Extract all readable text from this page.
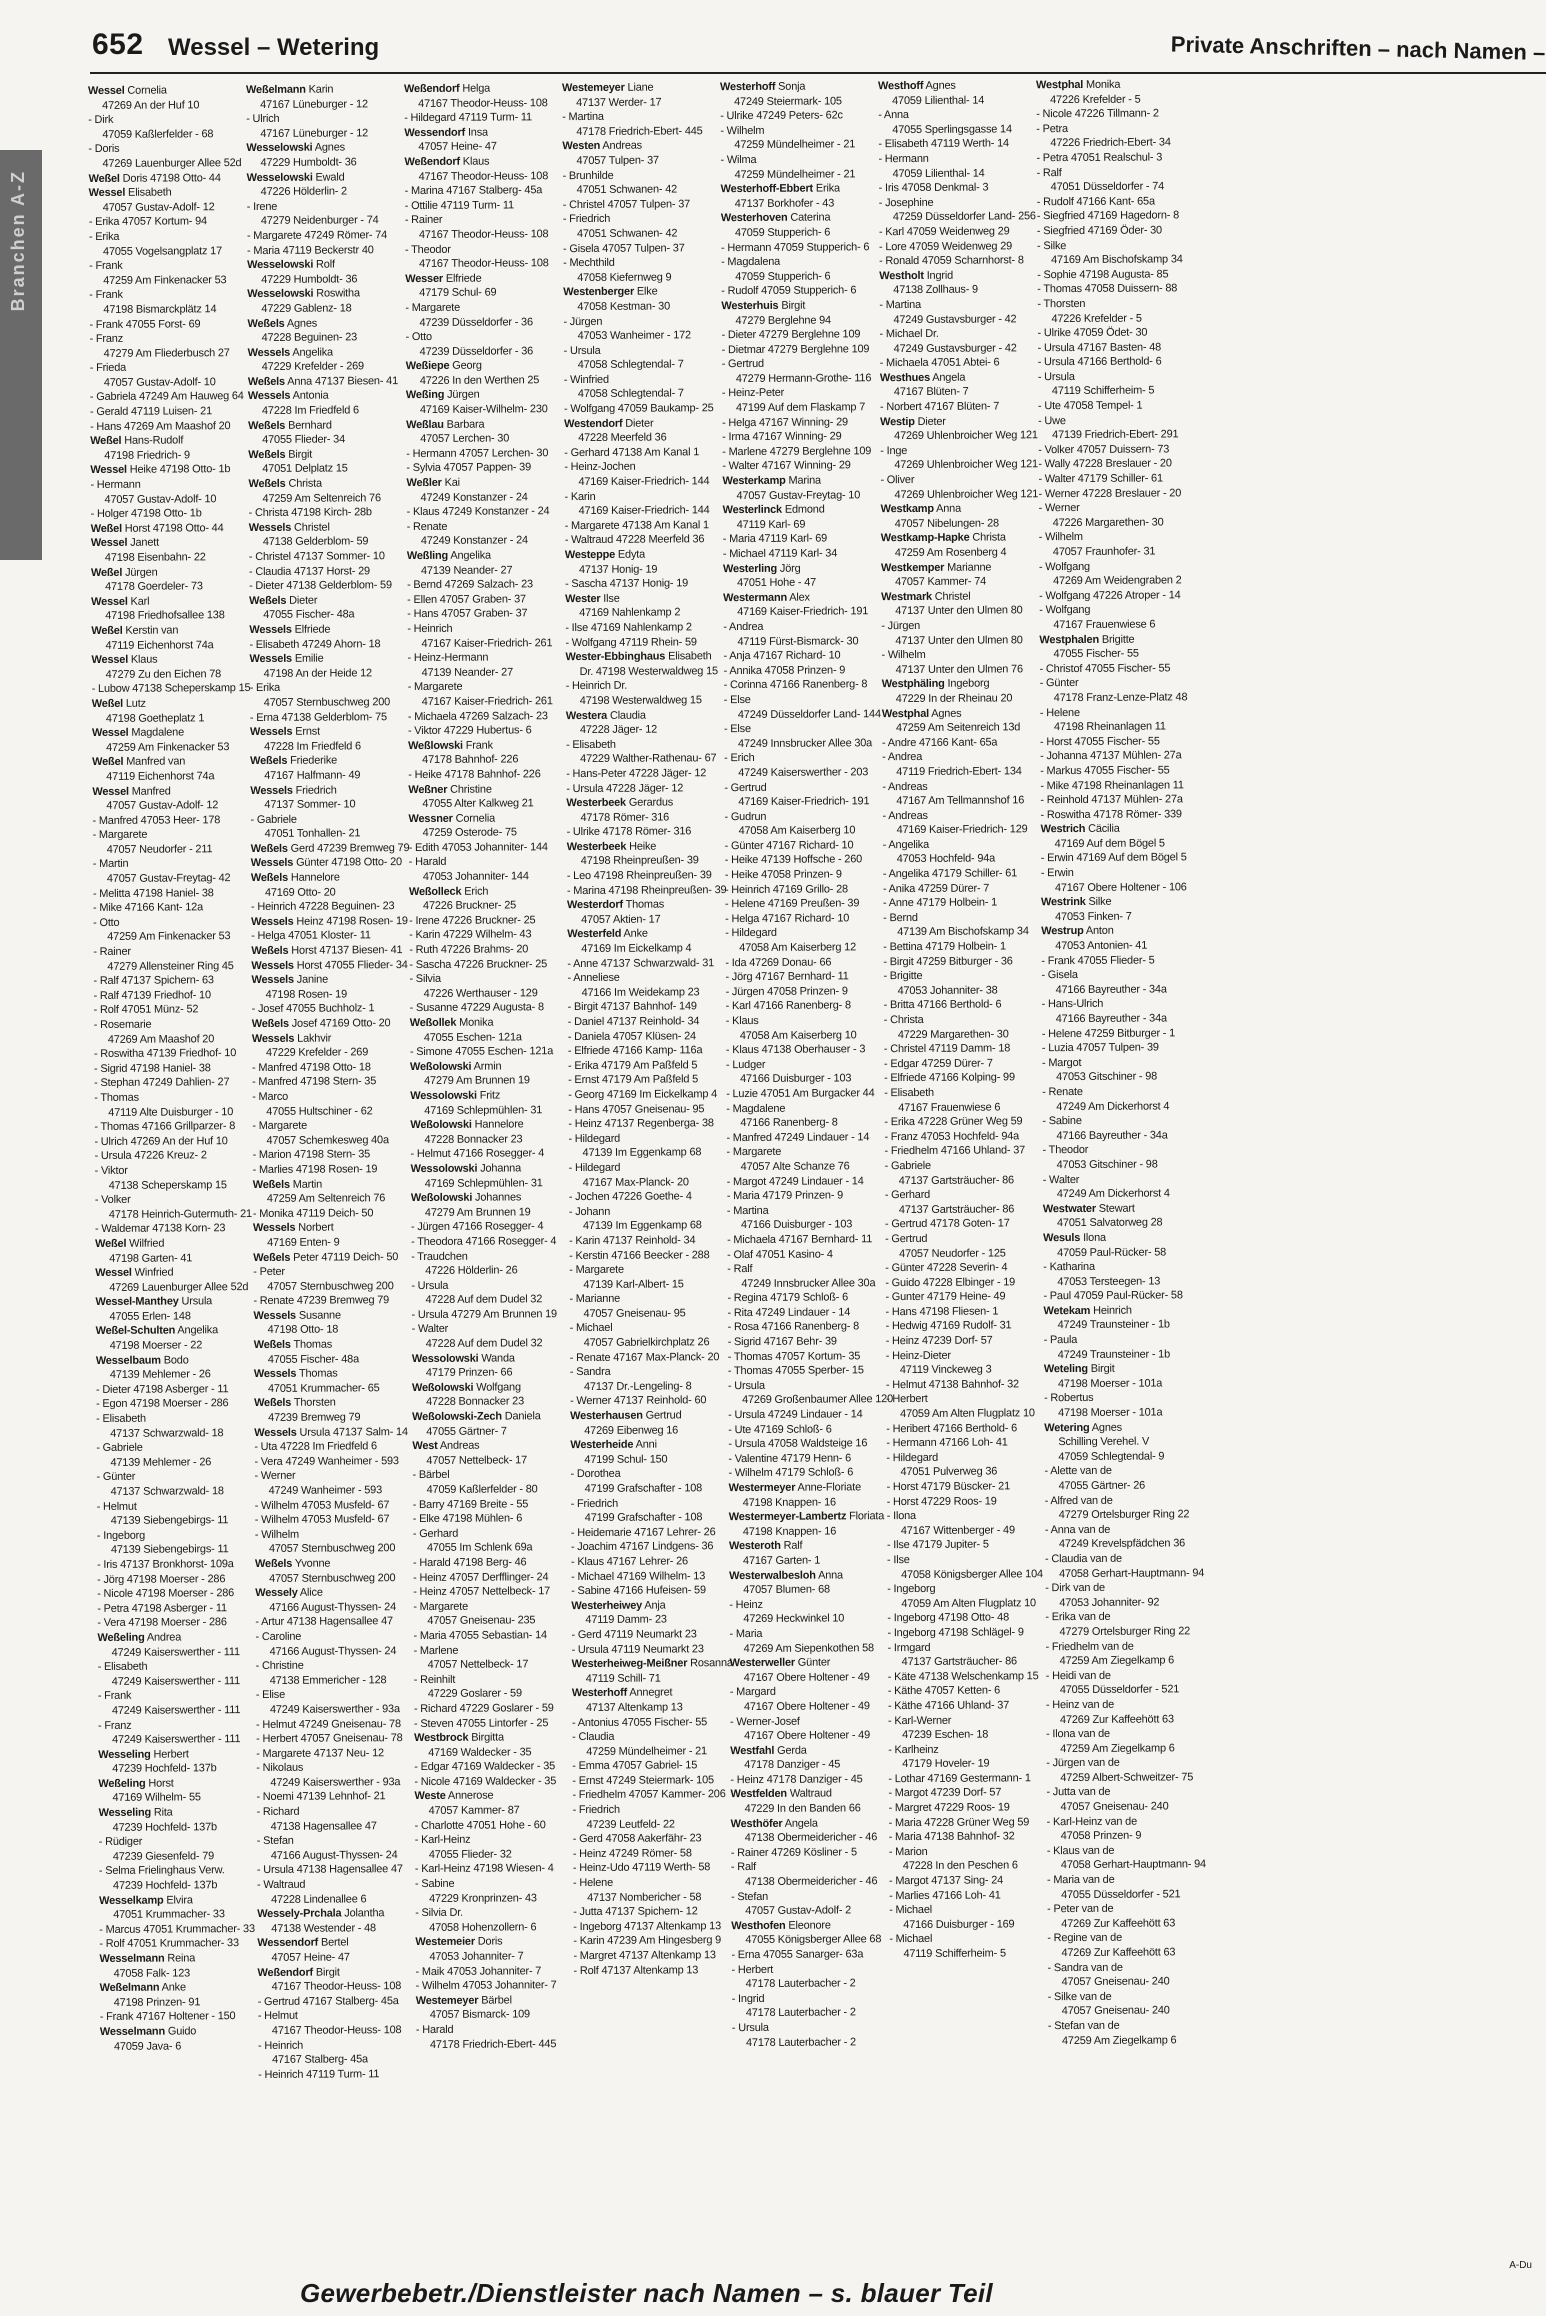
652 Wessel – Wetering	Private Anschriften – nach Namen –
Branchen A-Z
Wessel Cornelia
47269 An der Huf 10
- Dirk
47059 Kaßlerfelder - 68
- Doris
47269 Lauenburger Allee 52d
Weßel Doris 47198 Otto- 44
Wessel Elisabeth
47057 Gustav-Adolf- 12
- Erika 47057 Kortum- 94
- Erika
47055 Vogelsangplatz 17
- Frank
47259 Am Finkenacker 53
- Frank
47198 Bismarckplätz 14
- Frank 47055 Forst- 69
- Franz
47279 Am Fliederbusch 27
- Frieda
47057 Gustav-Adolf- 10
- Gabriela 47249 Am Hauweg 64
- Gerald 47119 Luisen- 21
- Hans 47269 Am Maashof 20
Weßel Hans-Rudolf
47198 Friedrich- 9
Wessel Heike 47198 Otto- 1b
- Hermann
47057 Gustav-Adolf- 10
- Holger 47198 Otto- 1b
Weßel Horst 47198 Otto- 44
Wessel Janett
47198 Eisenbahn- 22
Weßel Jürgen
47178 Goerdeler- 73
Wessel Karl
47198 Friedhofsallee 138
Weßel Kerstin van
47119 Eichenhorst 74a
Wessel Klaus
47279 Zu den Eichen 78
- Lubow 47138 Scheperskamp 15
Weßel Lutz
47198 Goetheplatz 1
Wessel Magdalene
47259 Am Finkenacker 53
Weßel Manfred van
47119 Eichenhorst 74a
Wessel Manfred
47057 Gustav-Adolf- 12
- Manfred 47053 Heer- 178
- Margarete
47057 Neudorfer - 211
- Martin
47057 Gustav-Freytag- 42
- Melitta 47198 Haniel- 38
- Mike 47166 Kant- 12a
- Otto
47259 Am Finkenacker 53
- Rainer
47279 Allensteiner Ring 45
- Ralf 47137 Spichern- 63
- Ralf 47139 Friedhof- 10
- Rolf 47051 Münz- 52
- Rosemarie
47269 Am Maashof 20
- Roswitha 47139 Friedhof- 10
- Sigrid 47198 Haniel- 38
- Stephan 47249 Dahlien- 27
- Thomas
47119 Alte Duisburger - 10
- Thomas 47166 Grillparzer- 8
- Ulrich 47269 An der Huf 10
- Ursula 47226 Kreuz- 2
- Viktor
47138 Scheperskamp 15
- Volker
47178 Heinrich-Gutermuth- 21
- Waldemar 47138 Korn- 23
Weßel Wilfried
47198 Garten- 41
Wessel Winfried
47269 Lauenburger Allee 52d
Wessel-Manthey Ursula
47055 Erlen- 148
Weßel-Schulten Angelika
47198 Moerser - 22
Wesselbaum Bodo
47139 Mehlemer - 26
- Dieter 47198 Asberger - 11
- Egon 47198 Moerser - 286
- Elisabeth
47137 Schwarzwald- 18
- Gabriele
47139 Mehlemer - 26
- Günter
47137 Schwarzwald- 18
- Helmut
47139 Siebengebirgs- 11
- Ingeborg
47139 Siebengebirgs- 11
- Iris 47137 Bronkhorst- 109a
- Jörg 47198 Moerser - 286
- Nicole 47198 Moerser - 286
- Petra 47198 Asberger - 11
- Vera 47198 Moerser - 286
Weßeling Andrea
47249 Kaiserswerther - 111
- Elisabeth
47249 Kaiserswerther - 111
- Frank
47249 Kaiserswerther - 111
- Franz
47249 Kaiserswerther - 111
Wesseling Herbert
47239 Hochfeld- 137b
Weßeling Horst
47169 Wilhelm- 55
Wesseling Rita
47239 Hochfeld- 137b
- Rüdiger
47239 Giesenfeld- 79
- Selma Frielinghaus Verw.
47239 Hochfeld- 137b
Wesselkamp Elvira
47051 Krummacher- 33
- Marcus 47051 Krummacher- 33
- Rolf 47051 Krummacher- 33
Wesselmann Reina
47058 Falk- 123
Weßelmann Anke
47198 Prinzen- 91
- Frank 47167 Holtener - 150
Wesselmann Guido
47059 Java- 6
Weßelmann Karin
47167 Lüneburger - 12
- Ulrich
47167 Lüneburger - 12
Wesselowski Agnes
47229 Humboldt- 36
Wesselowski Ewald
47226 Hölderlin- 2
- Irene
47279 Neidenburger - 74
- Margarete 47249 Römer- 74
- Maria 47119 Beckerstr 40
Wesselowski Rolf
47229 Humboldt- 36
Wesselowski Roswitha
47229 Gablenz- 18
Weßels Agnes
47228 Beguinen- 23
Wessels Angelika
47229 Krefelder - 269
Weßels Anna 47137 Biesen- 41
Wessels Antonia
47228 Im Friedfeld 6
Weßels Bernhard
47055 Flieder- 34
Weßels Birgit
47051 Delplatz 15
Weßels Christa
47259 Am Seltenreich 76
- Christa 47198 Kirch- 28b
Wessels Christel
47138 Gelderblom- 59
- Christel 47137 Sommer- 10
- Claudia 47137 Horst- 29
- Dieter 47138 Gelderblom- 59
Weßels Dieter
47055 Fischer- 48a
Wessels Elfriede
- Elisabeth 47249 Ahorn- 18
Wessels Emilie
47198 An der Heide 12
- Erika
47057 Sternbuschweg 200
- Erna 47138 Gelderblom- 75
Wessels Ernst
47228 Im Friedfeld 6
Weßels Friederike
47167 Halfmann- 49
Wessels Friedrich
47137 Sommer- 10
- Gabriele
47051 Tonhallen- 21
Weßels Gerd 47239 Bremweg 79
Wessels Günter 47198 Otto- 20
Weßels Hannelore
47169 Otto- 20
- Heinrich 47228 Beguinen- 23
Wessels Heinz 47198 Rosen- 19
- Helga 47051 Kloster- 11
Weßels Horst 47137 Biesen- 41
Wessels Horst 47055 Flieder- 34
Wessels Janine
47198 Rosen- 19
- Josef 47055 Buchholz- 1
Weßels Josef 47169 Otto- 20
Wessels Lakhvir
47229 Krefelder - 269
- Manfred 47198 Otto- 18
- Manfred 47198 Stern- 35
- Marco
47055 Hultschiner - 62
- Margarete
47057 Schemkesweg 40a
- Marion 47198 Stern- 35
- Marlies 47198 Rosen- 19
Weßels Martin
47259 Am Seltenreich 76
- Monika 47119 Deich- 50
Wessels Norbert
47169 Enten- 9
Weßels Peter 47119 Deich- 50
- Peter
47057 Sternbuschweg 200
- Renate 47239 Bremweg 79
Wessels Susanne
47198 Otto- 18
Weßels Thomas
47055 Fischer- 48a
Wessels Thomas
47051 Krummacher- 65
Weßels Thorsten
47239 Bremweg 79
Wessels Ursula 47137 Salm- 14
- Uta 47228 Im Friedfeld 6
- Vera 47249 Wanheimer - 593
- Werner
47249 Wanheimer - 593
- Wilhelm 47053 Musfeld- 67
- Wilhelm 47053 Musfeld- 67
- Wilhelm
47057 Sternbuschweg 200
Weßels Yvonne
47057 Sternbuschweg 200
Wessely Alice
47166 August-Thyssen- 24
- Artur 47138 Hagensallee 47
- Caroline
47166 August-Thyssen- 24
- Christine
47138 Emmericher - 128
- Elise
47249 Kaiserswerther - 93a
- Helmut 47249 Gneisenau- 78
- Herbert 47057 Gneisenau- 78
- Margarete 47137 Neu- 12
- Nikolaus
47249 Kaiserswerther - 93a
- Noemi 47139 Lehnhof- 21
- Richard
47138 Hagensallee 47
- Stefan
47166 August-Thyssen- 24
- Ursula 47138 Hagensallee 47
- Waltraud
47228 Lindenallee 6
Wessely-Prchala Jolantha
47138 Westender - 48
Wessendorf Bertel
47057 Heine- 47
Weßendorf Birgit
47167 Theodor-Heuss- 108
- Gertrud 47167 Stalberg- 45a
- Helmut
47167 Theodor-Heuss- 108
- Heinrich
47167 Stalberg- 45a
- Heinrich 47119 Turm- 11
Weßendorf Helga
47167 Theodor-Heuss- 108
- Hildegard 47119 Turm- 11
Wessendorf Insa
47057 Heine- 47
Weßendorf Klaus
47167 Theodor-Heuss- 108
- Marina 47167 Stalberg- 45a
- Ottilie 47119 Turm- 11
- Rainer
47167 Theodor-Heuss- 108
- Theodor
47167 Theodor-Heuss- 108
Wesser Elfriede
47179 Schul- 69
- Margarete
47239 Düsseldorfer - 36
- Otto
47239 Düsseldorfer - 36
Weßiepe Georg
47226 In den Werthen 25
Weßing Jürgen
47169 Kaiser-Wilhelm- 230
Weßlau Barbara
47057 Lerchen- 30
- Hermann 47057 Lerchen- 30
- Sylvia 47057 Pappen- 39
Weßler Kai
47249 Konstanzer - 24
- Klaus 47249 Konstanzer - 24
- Renate
47249 Konstanzer - 24
Weßling Angelika
47139 Neander- 27
- Bernd 47269 Salzach- 23
- Ellen 47057 Graben- 37
- Hans 47057 Graben- 37
- Heinrich
47167 Kaiser-Friedrich- 261
- Heinz-Hermann
47139 Neander- 27
- Margarete
47167 Kaiser-Friedrich- 261
- Michaela 47269 Salzach- 23
- Viktor 47229 Hubertus- 6
Weßlowski Frank
47178 Bahnhof- 226
- Heike 47178 Bahnhof- 226
Weßner Christine
47055 Alter Kalkweg 21
Wessner Cornelia
47259 Osterode- 75
- Edith 47053 Johanniter- 144
- Harald
47053 Johanniter- 144
Weßolleck Erich
47226 Bruckner- 25
- Irene 47226 Bruckner- 25
- Karin 47229 Wilhelm- 43
- Ruth 47226 Brahms- 20
- Sascha 47226 Bruckner- 25
- Silvia
47226 Werthauser - 129
- Susanne 47229 Augusta- 8
Weßollek Monika
47055 Eschen- 121a
- Simone 47055 Eschen- 121a
Weßolowski Armin
47279 Am Brunnen 19
Wessolowski Fritz
47169 Schlepmühlen- 31
Weßolowski Hannelore
47228 Bonnacker 23
- Helmut 47166 Roseggеr- 4
Wessolowski Johanna
47169 Schlepmühlen- 31
Weßolowski Johannes
47279 Am Brunnen 19
- Jürgen 47166 Roseggеr- 4
- Theodora 47166 Roseggеr- 4
- Traudchen
47226 Hölderlin- 26
- Ursula
47228 Auf dem Dudel 32
- Ursula 47279 Am Brunnen 19
- Walter
47228 Auf dem Dudel 32
Wessolowski Wanda
47179 Prinzen- 66
Weßolowski Wolfgang
47228 Bonnacker 23
Weßolowski-Zech Daniela
47055 Gärtner- 7
West Andreas
47057 Nettelbeck- 17
- Bärbel
47059 Kaßlerfelder - 80
- Barry 47169 Breite - 55
- Elke 47198 Mühlen- 6
- Gerhard
47055 Im Schlenk 69a
- Harald 47198 Berg- 46
- Heinz 47057 Derfflinger- 24
- Heinz 47057 Nettelbeck- 17
- Margarete
47057 Gneisenau- 235
- Maria 47055 Sebastian- 14
- Marlene
47057 Nettelbeck- 17
- Reinhilt
47229 Goslarer - 59
- Richard 47229 Goslarer - 59
- Steven 47055 Lintorfer - 25
Westbrock Birgitta
47169 Waldecker - 35
- Edgar 47169 Waldecker - 35
- Nicole 47169 Waldecker - 35
Weste Annerose
47057 Kammer- 87
- Charlotte 47051 Hohe - 60
- Karl-Heinz
47055 Flieder- 32
- Karl-Heinz 47198 Wiesen- 4
- Sabine
47229 Kronprinzen- 43
- Silvia Dr.
47058 Hohenzollern- 6
Westemeier Doris
47053 Johanniter- 7
- Maik 47053 Johanniter- 7
- Wilhelm 47053 Johanniter- 7
Westemeyer Bärbel
47057 Bismarck- 109
- Harald
47178 Friedrich-Ebert- 445
Westemeyer Liane
47137 Werder- 17
- Martina
47178 Friedrich-Ebert- 445
Westen Andreas
47057 Tulpen- 37
- Brunhilde
47051 Schwanen- 42
- Christel 47057 Tulpen- 37
- Friedrich
47051 Schwanen- 42
- Gisela 47057 Tulpen- 37
- Mechthild
47058 Kiefernweg 9
Westenberger Elke
47058 Kestman- 30
- Jürgen
47053 Wanheimer - 172
- Ursula
47058 Schlegtendal- 7
- Winfried
47058 Schlegtendal- 7
- Wolfgang 47059 Baukamp- 25
Westendorf Dieter
47228 Meerfeld 36
- Gerhard 47138 Am Kanal 1
- Heinz-Jochen
47169 Kaiser-Friedrich- 144
- Karin
47169 Kaiser-Friedrich- 144
- Margarete 47138 Am Kanal 1
- Waltraud 47228 Meerfeld 36
Westeppe Edyta
47137 Honig- 19
- Sascha 47137 Honig- 19
Wester Ilse
47169 Nahlenkamp 2
- Ilse 47169 Nahlenkamp 2
- Wolfgang 47119 Rhein- 59
Wester-Ebbinghaus Elisabeth
Dr. 47198 Westerwaldweg 15
- Heinrich Dr.
47198 Westerwaldweg 15
Westera Claudia
47228 Jäger- 12
- Elisabeth
47229 Walther-Rathenau- 67
- Hans-Peter 47228 Jäger- 12
- Ursula 47228 Jäger- 12
Westerbeek Gerardus
47178 Römer- 316
- Ulrike 47178 Römer- 316
Westerbeek Heike
47198 Rheinpreußen- 39
- Leo 47198 Rheinpreußen- 39
- Marina 47198 Rheinpreußen- 39
Westerdorf Thomas
47057 Aktien- 17
Westerfeld Anke
47169 Im Eickelkamp 4
- Anne 47137 Schwarzwald- 31
- Anneliese
47166 Im Weidekamp 23
- Birgit 47137 Bahnhof- 149
- Daniel 47137 Reinhold- 34
- Daniela 47057 Klüsen- 24
- Elfriede 47166 Kamp- 116a
- Erika 47179 Am Paßfeld 5
- Ernst 47179 Am Paßfeld 5
- Georg 47169 Im Eickelkamp 4
- Hans 47057 Gneisenau- 95
- Heinz 47137 Regenberga- 38
- Hildegard
47139 Im Eggenkamp 68
- Hildegard
47167 Max-Planck- 20
- Jochen 47226 Goethe- 4
- Johann
47139 Im Eggenkamp 68
- Karin 47137 Reinhold- 34
- Kerstin 47166 Beecker - 288
- Margarete
47139 Karl-Albert- 15
- Marianne
47057 Gneisenau- 95
- Michael
47057 Gabrielkirchplatz 26
- Renate 47167 Max-Planck- 20
- Sandra
47137 Dr.-Lengeling- 8
- Werner 47137 Reinhold- 60
Westerhausen Gertrud
47269 Eibenweg 16
Westerheide Anni
47199 Schul- 150
- Dorothea
47199 Grafschafter - 108
- Friedrich
47199 Grafschafter - 108
- Heidemarie 47167 Lehrer- 26
- Joachim 47167 Lindgens- 36
- Klaus 47167 Lehrer- 26
- Michael 47169 Wilhelm- 13
- Sabine 47166 Hufeisen- 59
Westerheiwey Anja
47119 Damm- 23
- Gerd 47119 Neumarkt 23
- Ursula 47119 Neumarkt 23
Westerheiweg-Meißner Rosanna
47119 Schill- 71
Westerhoff Annegret
47137 Altenkamp 13
- Antonius 47055 Fischer- 55
- Claudia
47259 Mündelheimer - 21
- Emma 47057 Gabriel- 15
- Ernst 47249 Steiermark- 105
- Friedhelm 47057 Kammer- 206
- Friedrich
47239 Leutfeld- 22
- Gerd 47058 Aakerfähr- 23
- Heinz 47249 Römer- 58
- Heinz-Udo 47119 Werth- 58
- Helene
47137 Nombericher - 58
- Jutta 47137 Spichern- 12
- Ingeborg 47137 Altenkamp 13
- Karin 47239 Am Hingesberg 9
- Margret 47137 Altenkamp 13
- Rolf 47137 Altenkamp 13
Westerhoff Sonja
47249 Steiermark- 105
- Ulrike 47249 Peters- 62c
- Wilhelm
47259 Mündelheimer - 21
- Wilma
47259 Mündelheimer - 21
Westerhoff-Ebbert Erika
47137 Borkhofer - 43
Westerhoven Caterina
47059 Stupperich- 6
- Hermann 47059 Stupperich- 6
- Magdalena
47059 Stupperich- 6
- Rudolf 47059 Stupperich- 6
Westerhuis Birgit
47279 Berglehne 94
- Dieter 47279 Berglehne 109
- Dietmar 47279 Berglehne 109
- Gertrud
47279 Hermann-Grothe- 116
- Heinz-Peter
47199 Auf dem Flaskamp 7
- Helga 47167 Winning- 29
- Irma 47167 Winning- 29
- Marlene 47279 Berglehne 109
- Walter 47167 Winning- 29
Westerkamp Marina
47057 Gustav-Freytag- 10
Westerlinck Edmond
47119 Karl- 69
- Maria 47119 Karl- 69
- Michael 47119 Karl- 34
Westerling Jörg
47051 Hohe - 47
Westermann Alex
47169 Kaiser-Friedrich- 191
- Andrea
47119 Fürst-Bismarck- 30
- Anja 47167 Richard- 10
- Annika 47058 Prinzen- 9
- Corinna 47166 Ranenberg- 8
- Else
47249 Düsseldorfer Land- 144
- Else
47249 Innsbrucker Allee 30a
- Erich
47249 Kaiserswerther - 203
- Gertrud
47169 Kaiser-Friedrich- 191
- Gudrun
47058 Am Kaiserberg 10
- Günter 47167 Richard- 10
- Heike 47139 Hoffsche - 260
- Heike 47058 Prinzen- 9
- Heinrich 47169 Grillo- 28
- Helene 47169 Preußen- 39
- Helga 47167 Richard- 10
- Hildegard
47058 Am Kaiserberg 12
- Ida 47269 Donau- 66
- Jörg 47167 Bernhard- 11
- Jürgen 47058 Prinzen- 9
- Karl 47166 Ranenberg- 8
- Klaus
47058 Am Kaiserberg 10
- Klaus 47138 Oberhauser - 3
- Ludger
47166 Duisburger - 103
- Luzie 47051 Am Burgacker 44
- Magdalene
47166 Ranenberg- 8
- Manfred 47249 Lindauer - 14
- Margarete
47057 Alte Schanze 76
- Margot 47249 Lindauer - 14
- Maria 47179 Prinzen- 9
- Martina
47166 Duisburger - 103
- Michaela 47167 Bernhard- 11
- Olaf 47051 Kasino- 4
- Ralf
47249 Innsbrucker Allee 30a
- Regina 47179 Schloß- 6
- Rita 47249 Lindauer - 14
- Rosa 47166 Ranenberg- 8
- Sigrid 47167 Behr- 39
- Thomas 47057 Kortum- 35
- Thomas 47055 Sperber- 15
- Ursula
47269 Großenbaumer Allee 120
- Ursula 47249 Lindauer - 14
- Ute 47169 Schloß- 6
- Ursula 47058 Waldsteige 16
- Valentine 47179 Henn- 6
- Wilhelm 47179 Schloß- 6
Westermeyer Anne-Floriate
47198 Knappen- 16
Westermeyer-Lambertz Floriata
47198 Knappen- 16
Westeroth Ralf
47167 Garten- 1
Westerwalbesloh Anna
47057 Blumen- 68
- Heinz
47269 Heckwinkel 10
- Maria
47269 Am Siepenkothen 58
Westerweller Günter
47167 Obere Holtener - 49
- Margard
47167 Obere Holtener - 49
- Werner-Josef
47167 Obere Holtener - 49
Westfahl Gerda
47178 Danziger - 45
- Heinz 47178 Danziger - 45
Westfelden Waltraud
47229 In den Banden 66
Westhöfer Angela
47138 Obermeidericher - 46
- Rainer 47269 Kösliner - 5
- Ralf
47138 Obermeidericher - 46
- Stefan
47057 Gustav-Adolf- 2
Westhofen Eleonore
47055 Königsberger Allee 68
- Erna 47055 Sanarger- 63a
- Herbert
47178 Lauterbacher - 2
- Ingrid
47178 Lauterbacher - 2
- Ursula
47178 Lauterbacher - 2
Westhoff Agnes
47059 Lilienthal- 14
- Anna
47055 Sperlingsgasse 14
- Elisabeth 47119 Werth- 14
- Hermann
47059 Lilienthal- 14
- Iris 47058 Denkmal- 3
- Josephine
47259 Düsseldorfer Land- 256
- Karl 47059 Weidenweg 29
- Lore 47059 Weidenweg 29
- Ronald 47059 Scharnhorst- 8
Westholt Ingrid
47138 Zollhaus- 9
- Martina
47249 Gustavsburger - 42
- Michael Dr.
47249 Gustavsburger - 42
- Michaela 47051 Abtei- 6
Westhues Angela
47167 Blüten- 7
- Norbert 47167 Blüten- 7
Westip Dieter
47269 Uhlenbroicher Weg 121
- Inge
47269 Uhlenbroicher Weg 121
- Oliver
47269 Uhlenbroicher Weg 121
Westkamp Anna
47057 Nibelungen- 28
Westkamp-Hapke Christa
47259 Am Rosenberg 4
Westkemper Marianne
47057 Kammer- 74
Westmark Christel
47137 Unter den Ulmen 80
- Jürgen
47137 Unter den Ulmen 80
- Wilhelm
47137 Unter den Ulmen 76
Westphäling Ingeborg
47229 In der Rheinau 20
Westphal Agnes
47259 Am Seitenreich 13d
- Andre 47166 Kant- 65a
- Andrea
47119 Friedrich-Ebert- 134
- Andreas
47167 Am Tellmannshof 16
- Andreas
47169 Kaiser-Friedrich- 129
- Angelika
47053 Hochfeld- 94a
- Angelika 47179 Schiller- 61
- Anika 47259 Dürer- 7
- Anne 47179 Holbein- 1
- Bernd
47139 Am Bischofskamp 34
- Bettina 47179 Holbein- 1
- Birgit 47259 Bitburger - 36
- Brigitte
47053 Johanniter- 38
- Britta 47166 Berthold- 6
- Christa
47229 Margarethen- 30
- Christel 47119 Damm- 18
- Edgar 47259 Dürer- 7
- Elfriede 47166 Kolping- 99
- Elisabeth
47167 Frauenwiese 6
- Erika 47228 Grüner Weg 59
- Franz 47053 Hochfeld- 94a
- Friedhelm 47166 Uhland- 37
- Gabriele
47137 Gartsträucher- 86
- Gerhard
47137 Gartsträucher- 86
- Gertrud 47178 Goten- 17
- Gertrud
47057 Neudorfer - 125
- Günter 47228 Severin- 4
- Guido 47228 Elbinger - 19
- Gunter 47179 Heine- 49
- Hans 47198 Fliesen- 1
- Hedwig 47169 Rudolf- 31
- Heinz 47239 Dorf- 57
- Heinz-Dieter
47119 Vinckeweg 3
- Helmut 47138 Bahnhof- 32
- Herbert
47059 Am Alten Flugplatz 10
- Heribert 47166 Berthold- 6
- Hermann 47166 Loh- 41
- Hildegard
47051 Pulverweg 36
- Horst 47179 Büscker- 21
- Horst 47229 Roos- 19
- Ilona
47167 Wittenberger - 49
- Ilse 47179 Jupiter- 5
- Ilse
47058 Königsberger Allee 104
- Ingeborg
47059 Am Alten Flugplatz 10
- Ingeborg 47198 Otto- 48
- Ingeborg 47198 Schlägel- 9
- Irmgard
47137 Gartsträucher- 86
- Käte 47138 Welschenkamp 15
- Käthe 47057 Ketten- 6
- Käthe 47166 Uhland- 37
- Karl-Werner
47239 Eschen- 18
- Karlheinz
47179 Hoveler- 19
- Lothar 47169 Gestermann- 1
- Margot 47239 Dorf- 57
- Margret 47229 Roos- 19
- Maria 47228 Grüner Weg 59
- Maria 47138 Bahnhof- 32
- Marion
47228 In den Peschen 6
- Margot 47137 Sing- 24
- Marlies 47166 Loh- 41
- Michael
47166 Duisburger - 169
- Michael
47119 Schifferheim- 5
Westphal Monika
47226 Krefelder - 5
- Nicole 47226 Tillmann- 2
- Petra
47226 Friedrich-Ebert- 34
- Petra 47051 Realschul- 3
- Ralf
47051 Düsseldorfer - 74
- Rudolf 47166 Kant- 65a
- Siegfried 47169 Hagedorn- 8
- Siegfried 47169 Öder- 30
- Silke
47169 Am Bischofskamp 34
- Sophie 47198 Augusta- 85
- Thomas 47058 Duissern- 88
- Thorsten
47226 Krefelder - 5
- Ulrike 47059 Ödet- 30
- Ursula 47167 Basten- 48
- Ursula 47166 Berthold- 6
- Ursula
47119 Schifferheim- 5
- Ute 47058 Tempel- 1
- Uwe
47139 Friedrich-Ebert- 291
- Volker 47057 Duissern- 73
- Wally 47228 Breslauer - 20
- Walter 47179 Schiller- 61
- Werner 47228 Breslauer - 20
- Werner
47226 Margarethen- 30
- Wilhelm
47057 Fraunhofer- 31
- Wolfgang
47269 Am Weidengraben 2
- Wolfgang 47226 Atroper - 14
- Wolfgang
47167 Frauenwiese 6
Westphalen Brigitte
47055 Fischer- 55
- Christof 47055 Fischer- 55
- Günter
47178 Franz-Lenze-Platz 48
- Helene
47198 Rheinanlagen 11
- Horst 47055 Fischer- 55
- Johanna 47137 Mühlen- 27a
- Markus 47055 Fischer- 55
- Mike 47198 Rheinanlagen 11
- Reinhold 47137 Mühlen- 27a
- Roswitha 47178 Römer- 339
Westrich Cäcilia
47169 Auf dem Bögel 5
- Erwin 47169 Auf dem Bögel 5
- Erwin
47167 Obere Holtener - 106
Westrink Silke
47053 Finken- 7
Westrup Anton
47053 Antonien- 41
- Frank 47055 Flieder- 5
- Gisela
47166 Bayreuther - 34a
- Hans-Ulrich
47166 Bayreuther - 34a
- Helene 47259 Bitburger - 1
- Luzia 47057 Tulpen- 39
- Margot
47053 Gitschiner - 98
- Renate
47249 Am Dickerhorst 4
- Sabine
47166 Bayreuther - 34a
- Theodor
47053 Gitschiner - 98
- Walter
47249 Am Dickerhorst 4
Westwater Stewart
47051 Salvatorweg 28
Wesuls Ilona
47059 Paul-Rücker- 58
- Katharina
47053 Tersteegen- 13
- Paul 47059 Paul-Rücker- 58
Wetekam Heinrich
47249 Traunsteiner - 1b
- Paula
47249 Traunsteiner - 1b
Weteling Birgit
47198 Moerser - 101a
- Robertus
47198 Moerser - 101a
Wetering Agnes
Schilling Verehel. V
47059 Schlegtendal- 9
- Alette van de
47055 Gärtner- 26
- Alfred van de
47279 Ortelsburger Ring 22
- Anna van de
47249 Krevelspfädchen 36
- Claudia van de
47058 Gerhart-Hauptmann- 94
- Dirk van de
47053 Johanniter- 92
- Erika van de
47279 Ortelsburger Ring 22
- Friedhelm van de
47259 Am Ziegelkamp 6
- Heidi van de
47055 Düsseldorfer - 521
- Heinz van de
47269 Zur Kaffeehött 63
- Ilona van de
47259 Am Ziegelkamp 6
- Jürgen van de
47259 Albert-Schweitzer- 75
- Jutta van de
47057 Gneisenau- 240
- Karl-Heinz van de
47058 Prinzen- 9
- Klaus van de
47058 Gerhart-Hauptmann- 94
- Maria van de
47055 Düsseldorfer - 521
- Peter van de
47269 Zur Kaffeehött 63
- Regine van de
47269 Zur Kaffeehött 63
- Sandra van de
47057 Gneisenau- 240
- Silke van de
47057 Gneisenau- 240
- Stefan van de
47259 Am Ziegelkamp 6
Gewerbebetr./Dienstleister nach Namen – s. blauer Teil
A-Du
